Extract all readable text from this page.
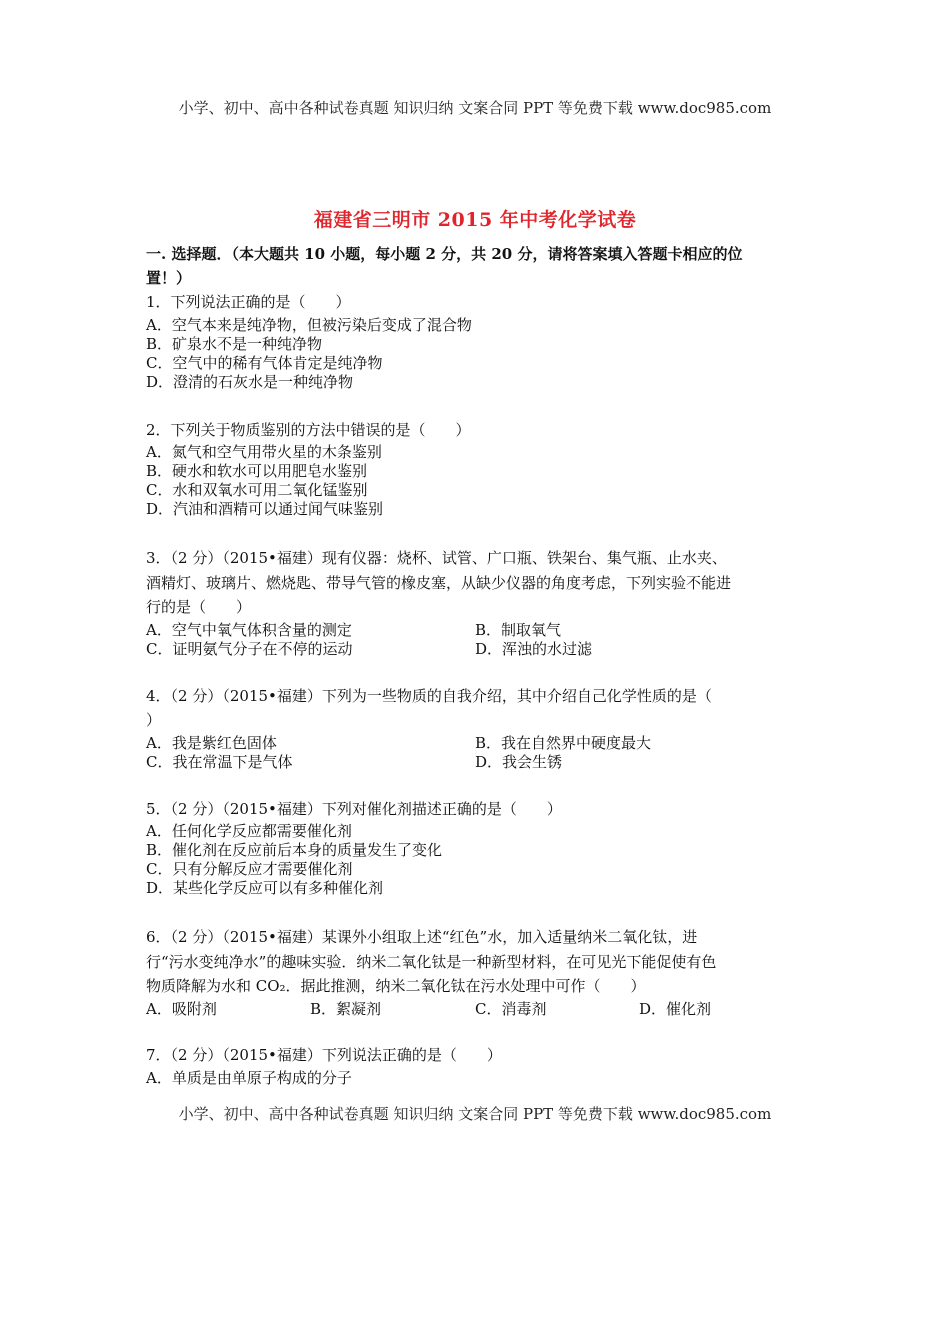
小学、初中、高中各种试卷真题 知识归纳 文案合同 PPT 等免费下载 www.doc985.com
福建省三明市 2015 年中考化学试卷
一. 选择题．（本大题共 10 小题，每小题 2 分，共 20 分，请将答案填入答题卡相应的位
置！）
1．下列说法正确的是（　　）
A．空气本来是纯净物，但被污染后变成了混合物
B．矿泉水不是一种纯净物
C．空气中的稀有气体肯定是纯净物
D．澄清的石灰水是一种纯净物
2．下列关于物质鉴别的方法中错误的是（　　）
A．氮气和空气用带火星的木条鉴别
B．硬水和软水可以用肥皂水鉴别
C．水和双氧水可用二氧化锰鉴别
D．汽油和酒精可以通过闻气味鉴别
3．（2 分）（2015•福建）现有仪器：烧杯、试管、广口瓶、铁架台、集气瓶、止水夹、
酒精灯、玻璃片、燃烧匙、带导气管的橡皮塞，从缺少仪器的角度考虑，下列实验不能进
行的是（　　）
A．空气中氧气体积含量的测定	B．制取氧气
C．证明氨气分子在不停的运动	D．浑浊的水过滤
4．（2 分）（2015•福建）下列为一些物质的自我介绍，其中介绍自己化学性质的是（
）
A．我是紫红色固体	B．我在自然界中硬度最大
C．我在常温下是气体	D．我会生锈
5．（2 分）（2015•福建）下列对催化剂描述正确的是（　　）
A．任何化学反应都需要催化剂
B．催化剂在反应前后本身的质量发生了变化
C．只有分解反应才需要催化剂
D．某些化学反应可以有多种催化剂
6．（2 分）（2015•福建）某课外小组取上述“红色”水，加入适量纳米二氧化钛，进
行“污水变纯净水”的趣味实验．纳米二氧化钛是一种新型材料，在可见光下能促使有色
物质降解为水和 CO₂．据此推测，纳米二氧化钛在污水处理中可作（　　）
A．吸附剂	B．絮凝剂	C．消毒剂	D．催化剂
7．（2 分）（2015•福建）下列说法正确的是（　　）
A．单质是由单原子构成的分子
小学、初中、高中各种试卷真题 知识归纳 文案合同 PPT 等免费下载 www.doc985.com
